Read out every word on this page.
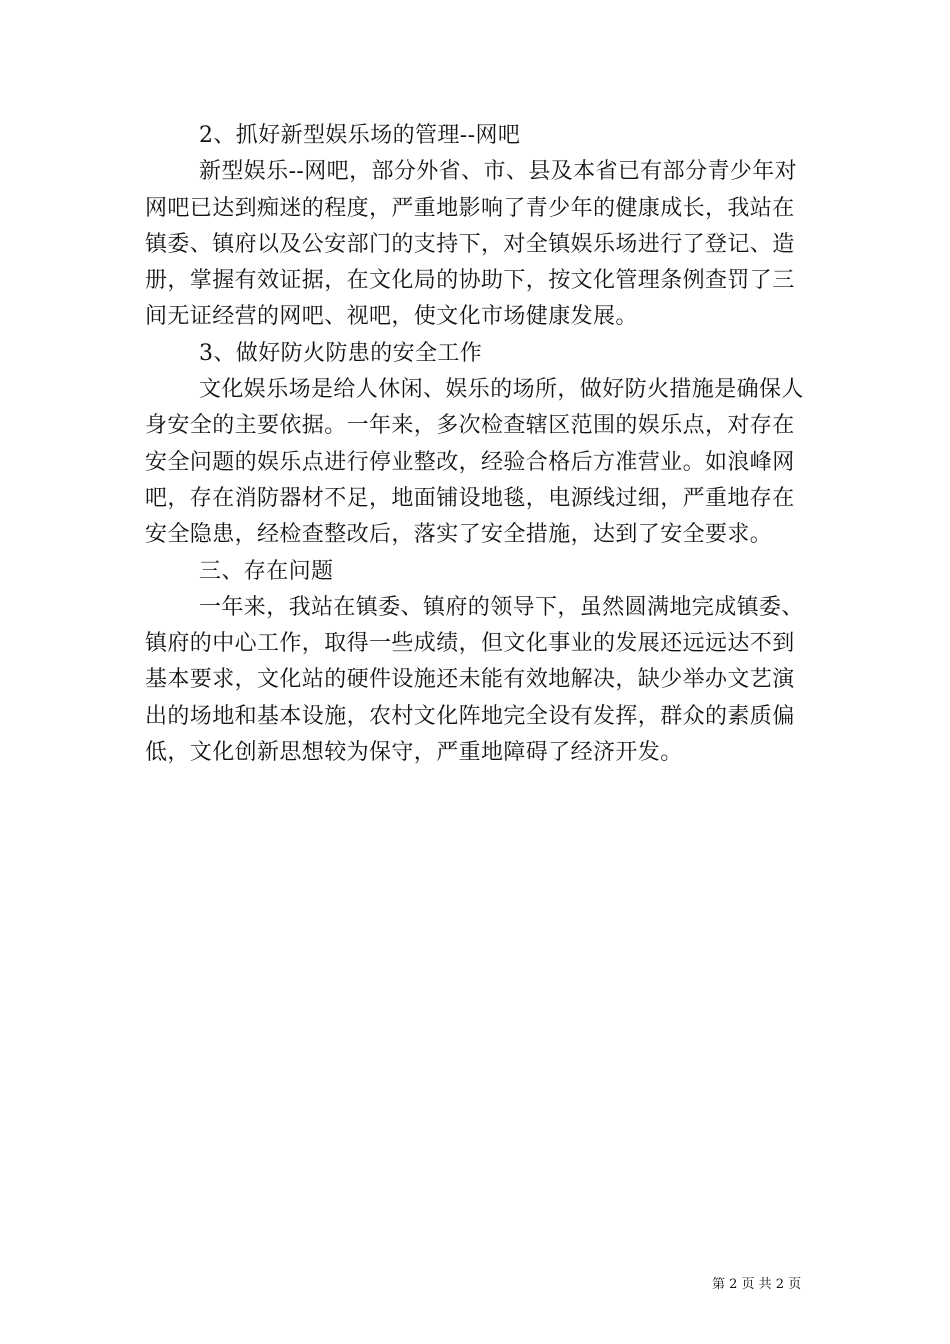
2、抓好新型娱乐场的管理--网吧
新型娱乐--网吧，部分外省、市、县及本省已有部分青少年对
网吧已达到痴迷的程度，严重地影响了青少年的健康成长，我站在
镇委、镇府以及公安部门的支持下，对全镇娱乐场进行了登记、造
册，掌握有效证据，在文化局的协助下，按文化管理条例查罚了三
间无证经营的网吧、视吧，使文化市场健康发展。
3、做好防火防患的安全工作
文化娱乐场是给人休闲、娱乐的场所，做好防火措施是确保人
身安全的主要依据。一年来，多次检查辖区范围的娱乐点，对存在
安全问题的娱乐点进行停业整改，经验合格后方准营业。如浪峰网
吧，存在消防器材不足，地面铺设地毯，电源线过细，严重地存在
安全隐患，经检查整改后，落实了安全措施，达到了安全要求。
三、存在问题
一年来，我站在镇委、镇府的领导下，虽然圆满地完成镇委、
镇府的中心工作，取得一些成绩，但文化事业的发展还远远达不到
基本要求，文化站的硬件设施还未能有效地解决，缺少举办文艺演
出的场地和基本设施，农村文化阵地完全设有发挥，群众的素质偏
低，文化创新思想较为保守，严重地障碍了经济开发。
第 2 页 共 2 页
